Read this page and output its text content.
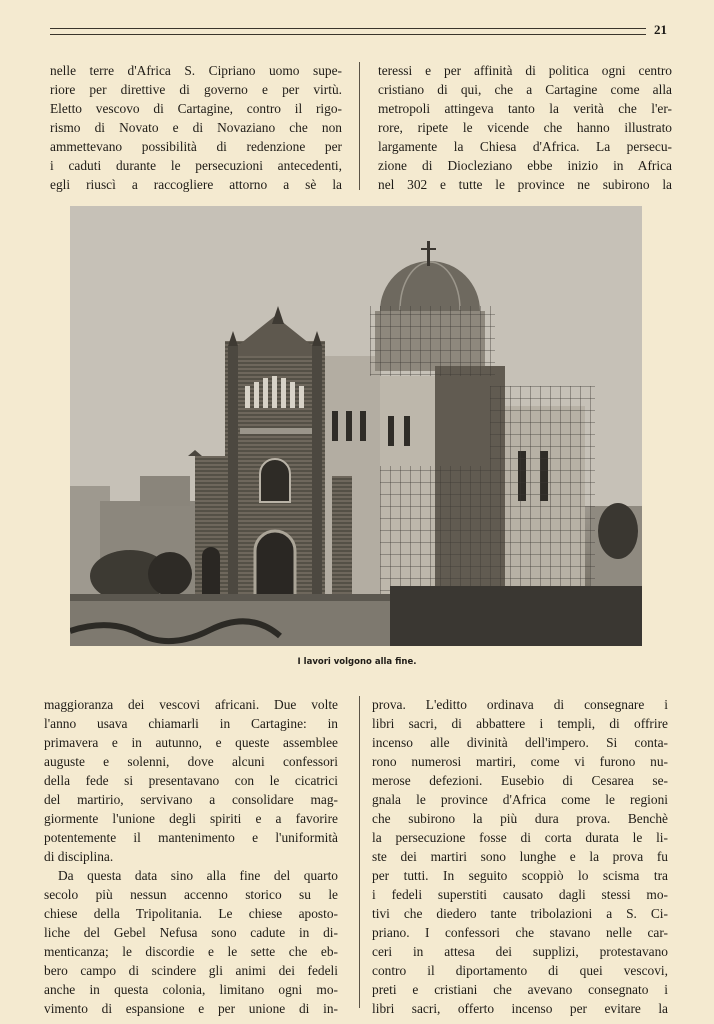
21
nelle terre d'Africa S. Cipriano uomo supe-
riore per direttive di governo e per virtù.
Eletto vescovo di Cartagine, contro il rigo-
rismo di Novato e di Novaziano che non
ammettevano possibilità di redenzione per
i caduti durante le persecuzioni antecedenti,
egli riuscì a raccogliere attorno a sè la
teressi e per affinità di politica ogni centro
cristiano di qui, che a Cartagine come alla
metropoli attingeva tanto la verità che l'er-
rore, ripete le vicende che hanno illustrato
largamente la Chiesa d'Africa. La persecu-
zione di Diocleziano ebbe inizio in Africa
nel 302 e tutte le province ne subirono la
I lavori volgono alla fine.
maggioranza dei vescovi africani. Due volte
l'anno usava chiamarli in Cartagine: in
primavera e in autunno, e queste assemblee
auguste e solenni, dove alcuni confessori
della fede si presentavano con le cicatrici
del martirio, servivano a consolidare mag-
giormente l'unione degli spiriti e a favorire
potentemente il mantenimento e l'uniformità
di disciplina.
Da questa data sino alla fine del quarto
secolo più nessun accenno storico su le
chiese della Tripolitania. Le chiese aposto-
liche del Gebel Nefusa sono cadute in di-
menticanza; le discordie e le sette che eb-
bero campo di scindere gli animi dei fedeli
anche in questa colonia, limitano ogni mo-
vimento di espansione e per unione di in-
prova. L'editto ordinava di consegnare i
libri sacri, di abbattere i templi, di offrire
incenso alle divinità dell'impero. Si conta-
rono numerosi martiri, come vi furono nu-
merose defezioni. Eusebio di Cesarea se-
gnala le province d'Africa come le regioni
che subirono la più dura prova. Benchè
la persecuzione fosse di corta durata le li-
ste dei martiri sono lunghe e la prova fu
per tutti. In seguito scoppiò lo scisma tra
i fedeli superstiti causato dagli stessi mo-
tivi che diedero tante tribolazioni a S. Ci-
priano. I confessori che stavano nelle car-
ceri in attesa dei supplizi, protestavano
contro il diportamento di quei vescovi,
preti e cristiani che avevano consegnato i
libri sacri, offerto incenso per evitare la
